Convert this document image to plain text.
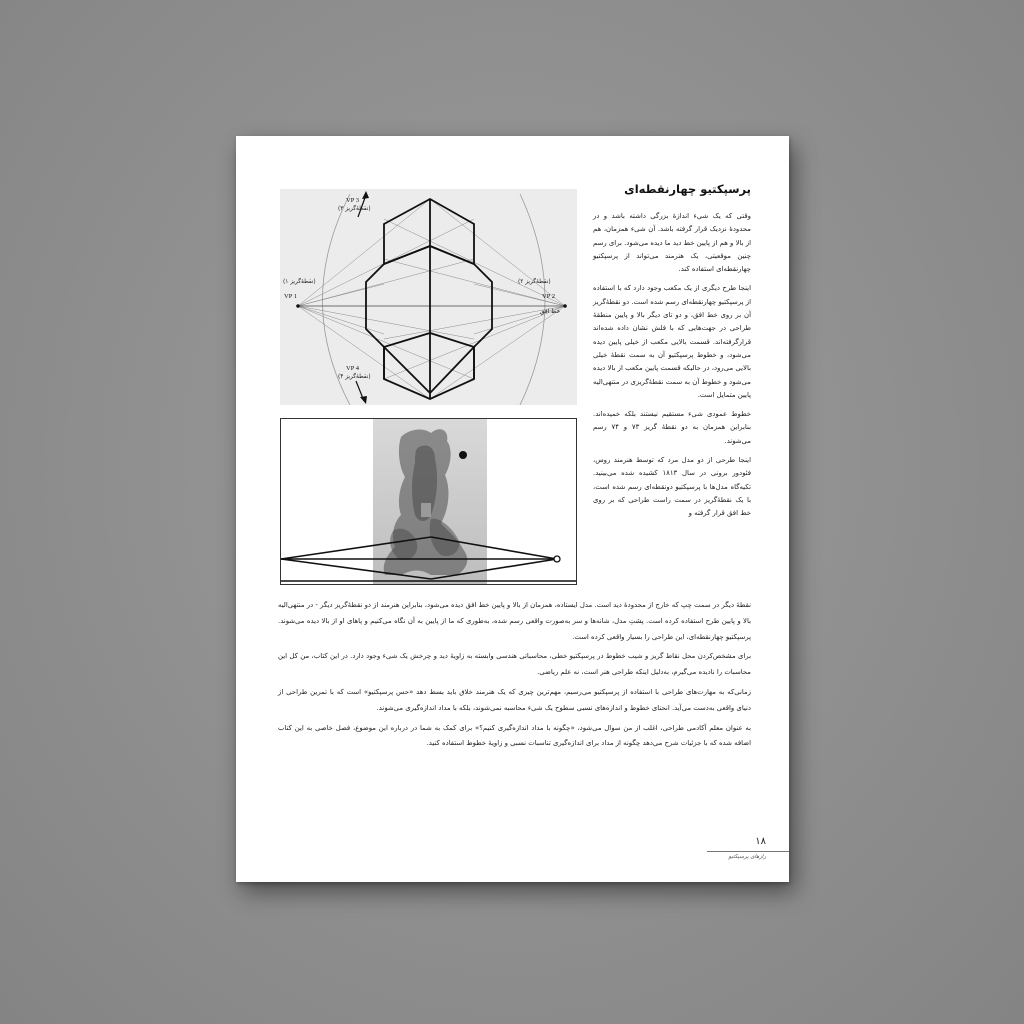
VP 3
(نقطهٔ‌گریز ۳)
(نقطهٔ‌گریز ۱)
VP 1
(نقطهٔ‌گریز ۲)
VP 2
خط افق
VP 4
(نقطهٔ‌گریز ۴)
پرسپکتیو چهارنقطه‌ای

وقتی که یک شیء اندازهٔ بزرگی داشته باشد و در محدودهٔ نزدیک قرار گرفته باشد. آن شیء همزمان، هم از بالا و هم از پایین خط دید ما دیده می‌شود. برای رسم چنین موقعیتی، یک هنرمند می‌تواند از پرسپکتیو چهارنقطه‌ای استفاده کند.

اینجا طرح دیگری از یک مکعب وجود دارد که با استفاده از پرسپکتیو چهارنقطه‌ای رسم شده است. دو نقطهٔ‌گریز آن بر روی خط افق، و دو تای دیگر بالا و پایین منطقهٔ طراحی در جهت‌هایی که با فلش نشان داده شده‌اند قرارگرفته‌اند. قسمت بالایی مکعب از خیلی پایین دیده می‌شود، و خطوط پرسپکتیو آن به سمت نقطهٔ خیلی بالایی می‌رود، در حالیکه قسمت پایین مکعب از بالا دیده می‌شود و خطوط آن به سمت نقطهٔ‌گریزی در منتهی‌الیه پایین متمایل است.

خطوط عمودی شیء مستقیم نیستند بلکه خمیده‌اند. بنابراین همزمان به دو نقطهٔ گریز ۷۳ و ۷۴ رسم می‌شوند.

اینجا طرحی از دو مدل مرد که توسط هنرمند روس، فئودور برونی در سال ۱۸۱۳ کشیده شده می‌بینید. تکیه‌گاه مدل‌ها با پرسپکتیو دونقطه‌ای رسم شده است، با یک نقطهٔ‌گریز در سمت راست طراحی که بر روی خط افق قرار گرفته و

نقطهٔ دیگر در سمت چپ که خارج از محدودهٔ دید است. مدل ایستاده، همزمان از بالا و پایین خط افق دیده می‌شود، بنابراین هنرمند از دو نقطهٔ‌گریز دیگر - در منتهی‌الیه بالا و پایین طرح استفاده کرده است. پشتِ مدل، شانه‌ها و سر به‌صورت واقعی رسم شده، به‌طوری که ما از پایین به آن نگاه می‌کنیم و پاهای او از بالا دیده می‌شوند. پرسپکتیو چهارنقطه‌ای، این طراحی را بسیار واقعی کرده است.

برای مشخص‌کردن محل نقاط گریز و شیب خطوط در پرسپکتیو خطی، محاسباتی هندسی وابسته به زاویهٔ دید و چرخش یک شیء وجود دارد. در این کتاب، من کل این محاسبات را نادیده می‌گیرم، به‌دلیل اینکه طراحی هنر است، نه علم ریاضی.

زمانی‌که به مهارت‌های طراحی با استفاده از پرسپکتیو می‌رسیم، مهم‌ترین چیزی که یک هنرمند خلاق باید بسط دهد «حس پرسپکتیو» است که با تمرین طراحی از دنیای واقعی به‌دست می‌آید. انحنای خطوط و اندازه‌های نسبی سطوح یک شیء محاسبه نمی‌شوند، بلکه با مداد اندازه‌گیری می‌شوند.

به عنوان معلم آکادمی طراحی، اغلب از من سوال می‌شود، «چگونه با مداد اندازه‌گیری کنیم؟» برای کمک به شما در درباره این موضوع، فصل خاصی به این کتاب اضافه شده که با جزئیات شرح می‌دهد چگونه از مداد برای اندازه‌گیری تناسبات نسبی و زاویهٔ خطوط استفاده کنید.

۱۸
رازهای پرسپکتیو
